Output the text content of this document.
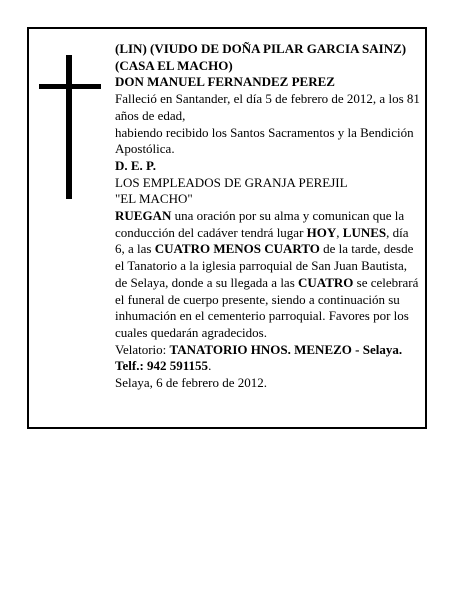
(LIN) (VIUDO DE DOÑA PILAR GARCIA SAINZ)
(CASA EL MACHO)
DON MANUEL FERNANDEZ PEREZ
Falleció en Santander, el día 5 de febrero de 2012, a los 81 años de edad,
habiendo recibido los Santos Sacramentos y la Bendición Apostólica.
D. E. P.
LOS EMPLEADOS DE GRANJA PEREJIL
"EL MACHO"
RUEGAN una oración por su alma y comunican que la conducción del cadáver tendrá lugar HOY, LUNES, día 6, a las CUATRO MENOS CUARTO de la tarde, desde el Tanatorio a la iglesia parroquial de San Juan Bautista, de Selaya, donde a su llegada a las CUATRO se celebrará el funeral de cuerpo presente, siendo a continuación su inhumación en el cementerio parroquial. Favores por los cuales quedarán agradecidos.
Velatorio: TANATORIO HNOS. MENEZO - Selaya. Telf.: 942 591155.
Selaya, 6 de febrero de 2012.
